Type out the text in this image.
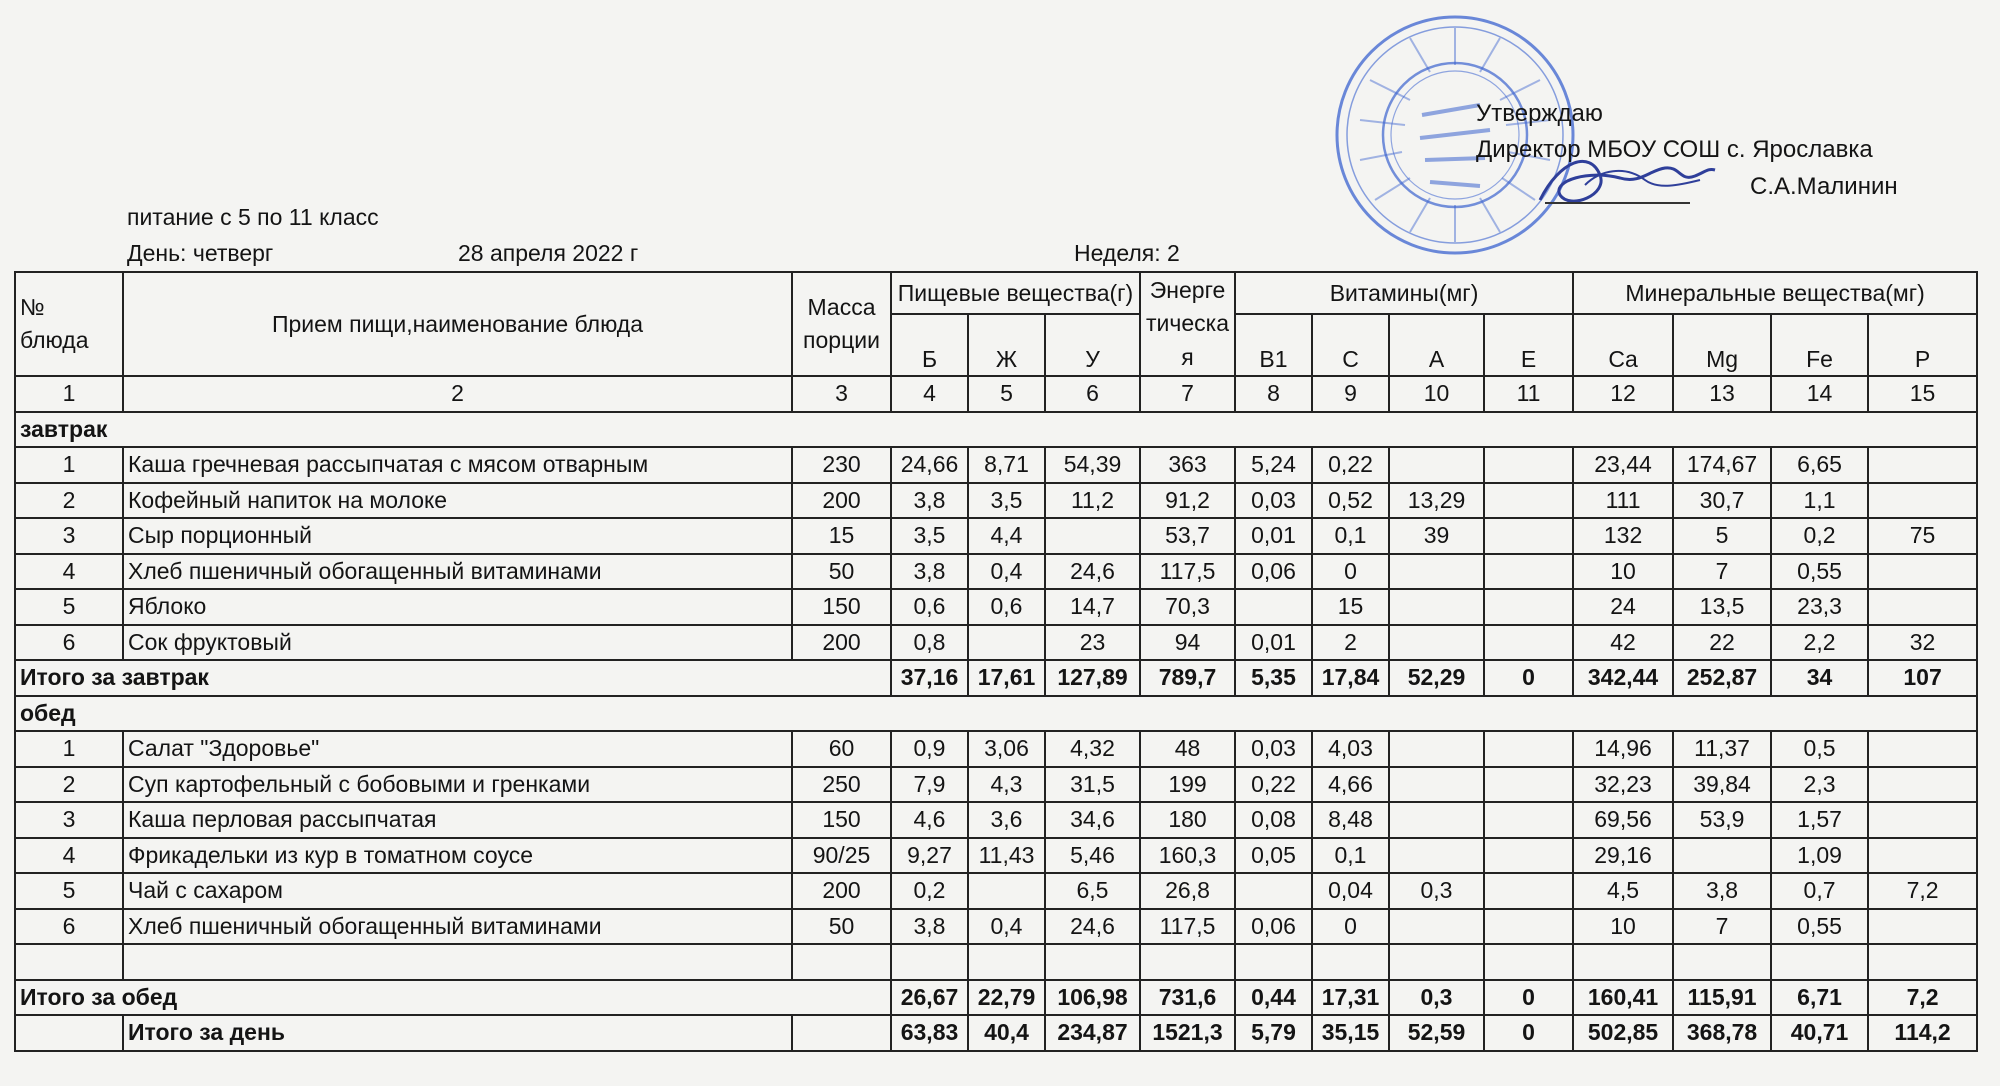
Утверждаю
Директор МБОУ СОШ с. Ярославка
С.А.Малинин
питание с 5 по 11 класс
День: четверг	28 апреля 2022 г	Неделя: 2
№ блюда	Прием пищи,наименование блюда	Масса порции	Пищевые вещества(г)			Энергетическая	Витамины(мг)				Минеральные вещества(мг)			
			Б	Ж	У		В1	С	А	Е	Ca	Mg	Fe	P
1	2	3	4	5	6	7	8	9	10	11	12	13	14	15
завтрак														
1	Каша гречневая рассыпчатая с мясом отварным	230	24,66	8,71	54,39	363	5,24	0,22			23,44	174,67	6,65	
2	Кофейный напиток на молоке	200	3,8	3,5	11,2	91,2	0,03	0,52	13,29		111	30,7	1,1	
3	Сыр порционный	15	3,5	4,4		53,7	0,01	0,1	39		132	5	0,2	75
4	Хлеб пшеничный обогащенный витаминами	50	3,8	0,4	24,6	117,5	0,06	0			10	7	0,55	
5	Яблоко	150	0,6	0,6	14,7	70,3		15			24	13,5	23,3	
6	Сок фруктовый	200	0,8		23	94	0,01	2			42	22	2,2	32
Итого за завтрак			37,16	17,61	127,89	789,7	5,35	17,84	52,29	0	342,44	252,87	34	107
обед														
1	Салат "Здоровье"	60	0,9	3,06	4,32	48	0,03	4,03			14,96	11,37	0,5	
2	Суп картофельный с бобовыми и гренками	250	7,9	4,3	31,5	199	0,22	4,66			32,23	39,84	2,3	
3	Каша перловая рассыпчатая	150	4,6	3,6	34,6	180	0,08	8,48			69,56	53,9	1,57	
4	Фрикадельки из кур в томатном соусе	90/25	9,27	11,43	5,46	160,3	0,05	0,1			29,16		1,09	
5	Чай с сахаром	200	0,2		6,5	26,8		0,04	0,3		4,5	3,8	0,7	7,2
6	Хлеб пшеничный обогащенный витаминами	50	3,8	0,4	24,6	117,5	0,06	0			10	7	0,55	

Итого за обед			26,67	22,79	106,98	731,6	0,44	17,31	0,3	0	160,41	115,91	6,71	7,2
	Итого за день		63,83	40,4	234,87	1521,3	5,79	35,15	52,59	0	502,85	368,78	40,71	114,2
